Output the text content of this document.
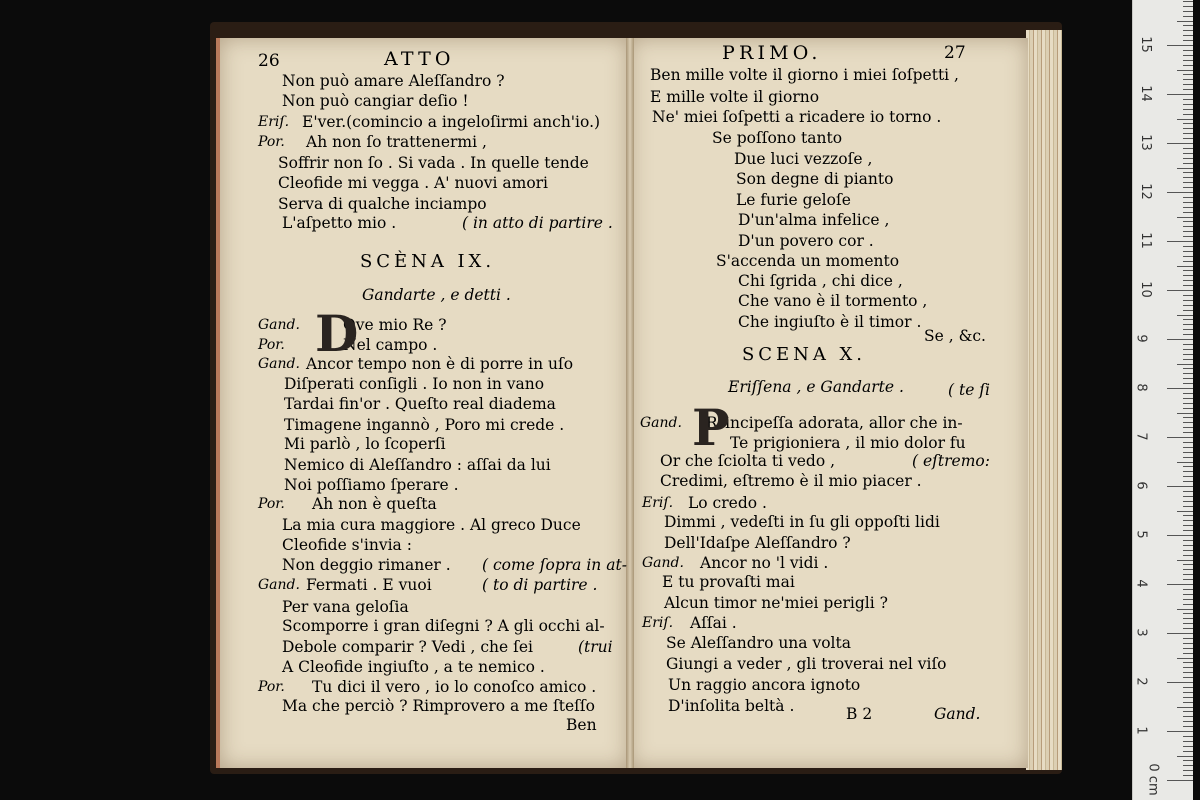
26	ATTO
Non può amare Aleſſandro ?
Non può cangiar deſio !
Eriſ. E'ver.(comincio a ingeloſirmi anch'io.)
Por. Ah non ſo trattenermi ,
Soffrir non ſo . Si vada . In quelle tende
Cleofide mi vegga . A' nuovi amori
Serva di qualche inciampo
L'aſpetto mio .	( in atto di partire .
Gand.	Ove mio Re ?
Por.	Nel campo .
Gand. Ancor tempo non è di porre in uſo
Diſperati conſigli . Io non in vano
Tardai fin'or . Queſto real diadema
Timagene ingannò , Poro mi crede .
Mi parlò , lo ſcoperſi
Nemico di Aleſſandro : aſſai da lui
Noi poſſiamo ſperare .
Por. Ah non è queſta
La mia cura maggiore . Al greco Duce
Cleofide s'invia :
Non deggio rimaner . ( come ſopra in at-
Gand. Fermati . E vuoi	( to di partire .
Per vana geloſia
Scomporre i gran diſegni ? A gli occhi al-
Debole comparir ? Vedi , che ſei	(trui
A Cleofide ingiuſto , a te nemico .
Por. Tu dici il vero , io lo conoſco amico .
Ma che perciò ? Rimprovero a me ſteſſo
Ben
SCÈNA IX.
Gandarte , e detti .
D
PRIMO.	27
Ben mille volte il giorno i miei ſoſpetti ,
E mille volte il giorno
Ne' miei ſoſpetti a ricadere io torno .
Se poſſono tanto
Due luci vezzoſe ,
Son degne di pianto
Le furie geloſe
D'un'alma infelice ,
D'un povero cor .
S'accenda un momento
Chi ſgrida , chi dice ,
Che vano è il tormento ,
Che ingiuſto è il timor .
Se , &c.
Gand. Rrincipeſſa adorata, allor che in-
Te prigioniera , il mio dolor fu
Or che ſciolta ti vedo ,	( eſtremo:
Credimi, eſtremo è il mio piacer .
Eriſ. Lo credo .
Dimmi , vedeſti in ſu gli oppoſti lidi
Dell'Idaſpe Aleſſandro ?
Gand. Ancor no 'l vidi .
E tu provaſti mai
Alcun timor ne'miei perigli ?
Eriſ. Aſſai .
Se Aleſſandro una volta
Giungi a veder , gli troverai nel viſo
Un raggio ancora ignoto
D'inſolita beltà .
SCENA X.
Eriſſena , e Gandarte .	( te ſi
P
B 2	Gand.
15
14
13
12
11
10
9
8
7
6
5
4
3
2
1
0 cm
